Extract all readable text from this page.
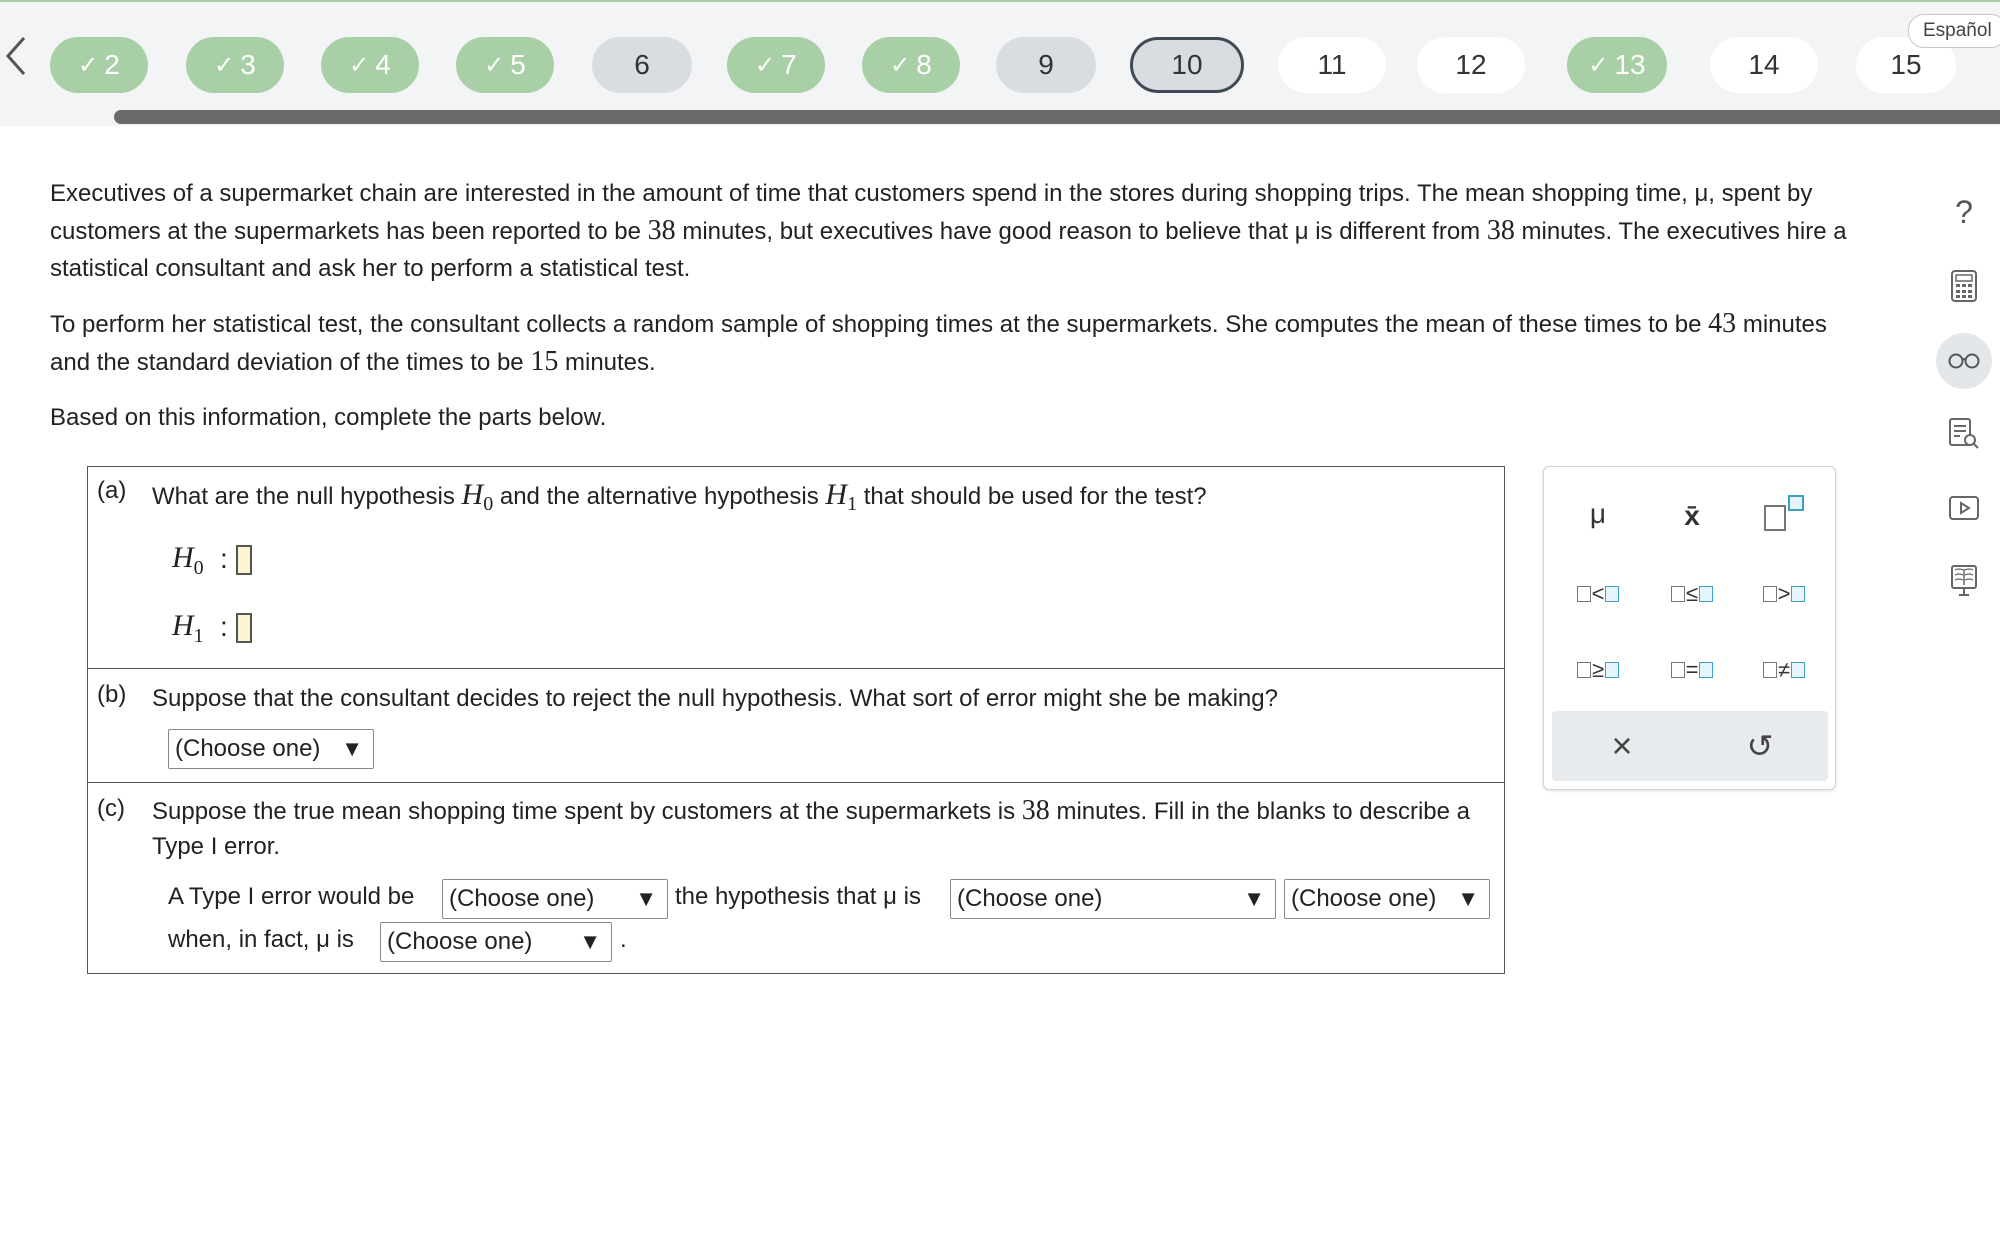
✓ 2	✓ 3	✓ 4	✓ 5	6	✓ 7	✓ 8	9	10	11	12	✓ 13	14	15
Español

Executives of a supermarket chain are interested in the amount of time that customers spend in the stores during shopping trips. The mean shopping time, μ, spent by customers at the supermarkets has been reported to be 38 minutes, but executives have good reason to believe that μ is different from 38 minutes. The executives hire a statistical consultant and ask her to perform a statistical test.

To perform her statistical test, the consultant collects a random sample of shopping times at the supermarkets. She computes the mean of these times to be 43 minutes and the standard deviation of the times to be 15 minutes.

Based on this information, complete the parts below.

(a) What are the null hypothesis $H_0$ and the alternative hypothesis $H_1$ that should be used for the test?
$H_0$ :
$H_1$ :
(b) Suppose that the consultant decides to reject the null hypothesis. What sort of error might she be making?
(Choose one) ▼
(c) Suppose the true mean shopping time spent by customers at the supermarkets is 38 minutes. Fill in the blanks to describe a Type I error.
A Type I error would be (Choose one) ▼ the hypothesis that μ is (Choose one)	▼ (Choose one) ▼
when, in fact, μ is (Choose one) ▼ .
μ	x̄
<	≤	>
≥	=	≠
×	↺
?
